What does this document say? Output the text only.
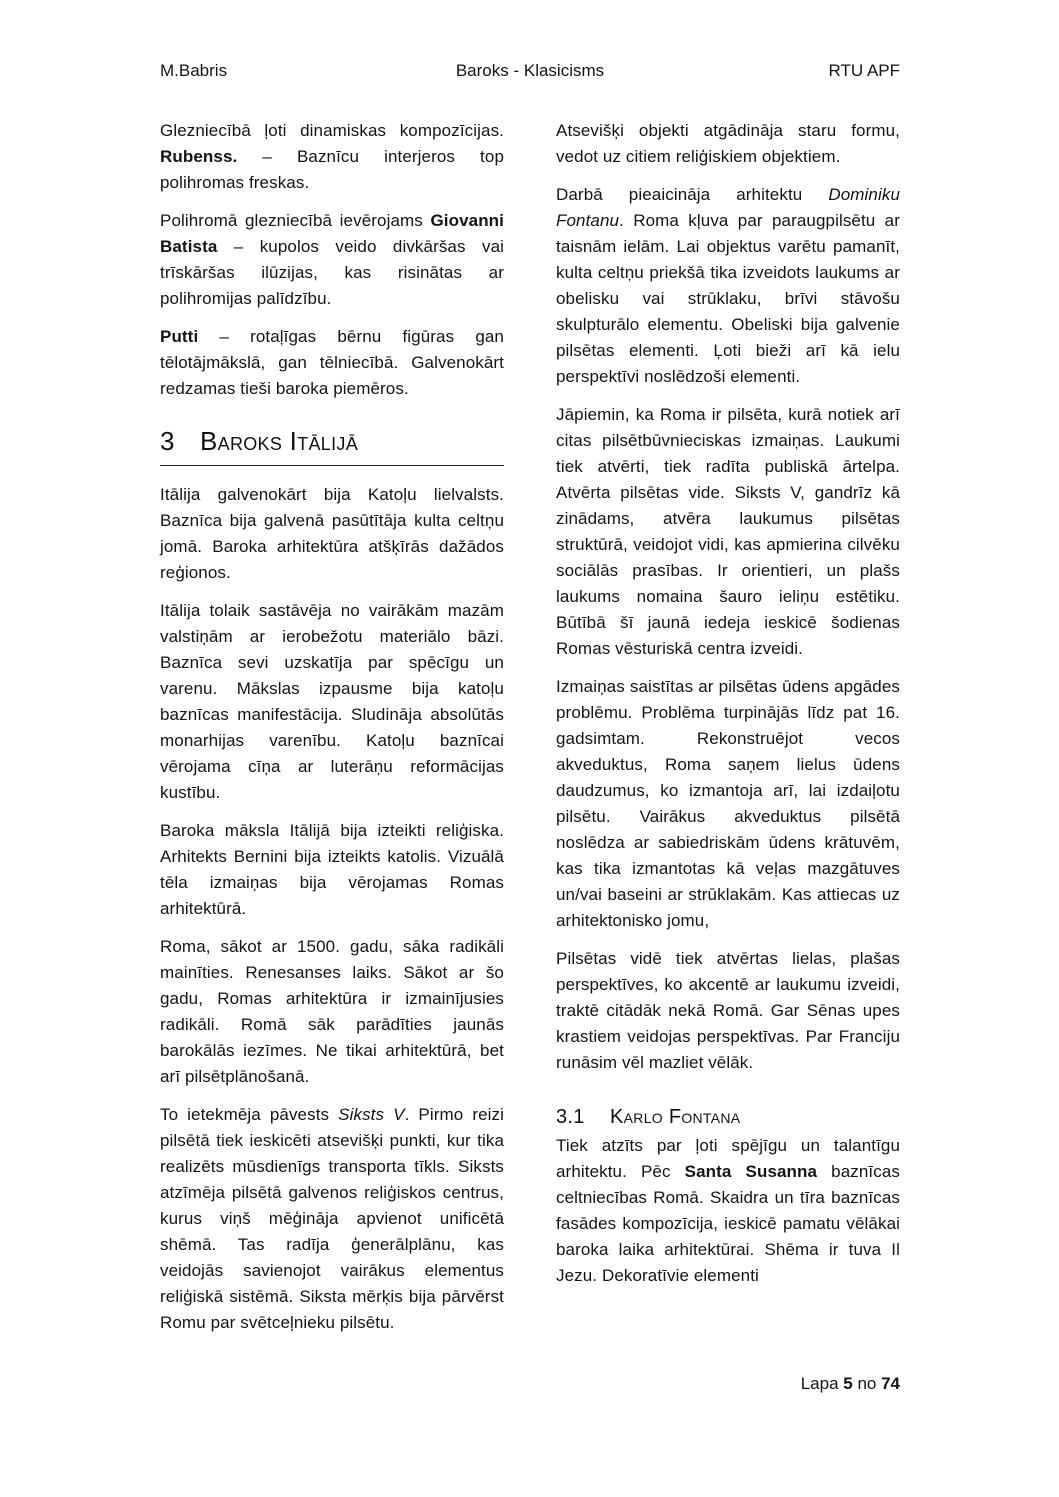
M.Babris	Baroks - Klasicisms	RTU APF

Glezniecībā ļoti dinamiskas kompozīcijas. Rubenss. – Baznīcu interjeros top polihromas freskas.

Polihromā glezniecībā ievērojams Giovanni Batista – kupolos veido divkāršas vai trīskāršas ilūzijas, kas risinātas ar polihromijas palīdzību.

Putti – rotaļīgas bērnu figūras gan tēlotājmākslā, gan tēlniecībā. Galvenokārt redzamas tieši baroka piemēros.

3 Baroks Itālijā

Itālija galvenokārt bija Katoļu lielvalsts. Baznīca bija galvenā pasūtītāja kulta celtņu jomā. Baroka arhitektūra atšķīrās dažādos reģionos.

Itālija tolaik sastāvēja no vairākām mazām valstiņām ar ierobežotu materiālo bāzi. Baznīca sevi uzskatīja par spēcīgu un varenu. Mākslas izpausme bija katoļu baznīcas manifestācija. Sludināja absolūtās monarhijas varenību. Katoļu baznīcai vērojama cīņa ar luterāņu reformācijas kustību.

Baroka māksla Itālijā bija izteikti reliģiska. Arhitekts Bernini bija izteikts katolis. Vizuālā tēla izmaiņas bija vērojamas Romas arhitektūrā.

Roma, sākot ar 1500. gadu, sāka radikāli mainīties. Renesanses laiks. Sākot ar šo gadu, Romas arhitektūra ir izmainījusies radikāli. Romā sāk parādīties jaunās barokālās iezīmes. Ne tikai arhitektūrā, bet arī pilsētplānošanā.

To ietekmēja pāvests Siksts V. Pirmo reizi pilsētā tiek ieskicēti atsevišķi punkti, kur tika realizēts mūsdienīgs transporta tīkls. Siksts atzīmēja pilsētā galvenos reliģiskos centrus, kurus viņš mēģināja apvienot unificētā shēmā. Tas radīja ģenerālplānu, kas veidojās savienojot vairākus elementus reliģiskā sistēmā. Siksta mērķis bija pārvērst Romu par svētceļnieku pilsētu.

Atsevišķi objekti atgādināja staru formu, vedot uz citiem reliģiskiem objektiem.

Darbā pieaicināja arhitektu Dominiku Fontanu. Roma kļuva par paraugpilsētu ar taisnām ielām. Lai objektus varētu pamanīt, kulta celtņu priekšā tika izveidots laukums ar obelisku vai strūklaku, brīvi stāvošu skulpturālo elementu. Obeliski bija galvenie pilsētas elementi. Ļoti bieži arī kā ielu perspektīvi noslēdzoši elementi.

Jāpiemin, ka Roma ir pilsēta, kurā notiek arī citas pilsētbūvnieciskas izmaiņas. Laukumi tiek atvērti, tiek radīta publiskā ārtelpa. Atvērta pilsētas vide. Siksts V, gandrīz kā zinādams, atvēra laukumus pilsētas struktūrā, veidojot vidi, kas apmierina cilvēku sociālās prasības. Ir orientieri, un plašs laukums nomaina šauro ieliņu estētiku. Būtībā šī jaunā iedeja ieskicē šodienas Romas vēsturiskā centra izveidi.

Izmaiņas saistītas ar pilsētas ūdens apgādes problēmu. Problēma turpinājās līdz pat 16. gadsimtam. Rekonstruējot vecos akveduktus, Roma saņem lielus ūdens daudzumus, ko izmantoja arī, lai izdaiļotu pilsētu. Vairākus akveduktus pilsētā noslēdza ar sabiedriskām ūdens krātuvēm, kas tika izmantotas kā veļas mazgātuves un/vai baseini ar strūklakām. Kas attiecas uz arhitektonisko jomu,

Pilsētas vidē tiek atvērtas lielas, plašas perspektīves, ko akcentē ar laukumu izveidi, traktē citādāk nekā Romā. Gar Sēnas upes krastiem veidojas perspektīvas. Par Franciju runāsim vēl mazliet vēlāk.

3.1 Karlo Fontana

Tiek atzīts par ļoti spējīgu un talantīgu arhitektu. Pēc Santa Susanna baznīcas celtniecības Romā. Skaidra un tīra baznīcas fasādes kompozīcija, ieskicē pamatu vēlākai baroka laika arhitektūrai. Shēma ir tuva Il Jezu. Dekoratīvie elementi

Lapa 5 no 74
